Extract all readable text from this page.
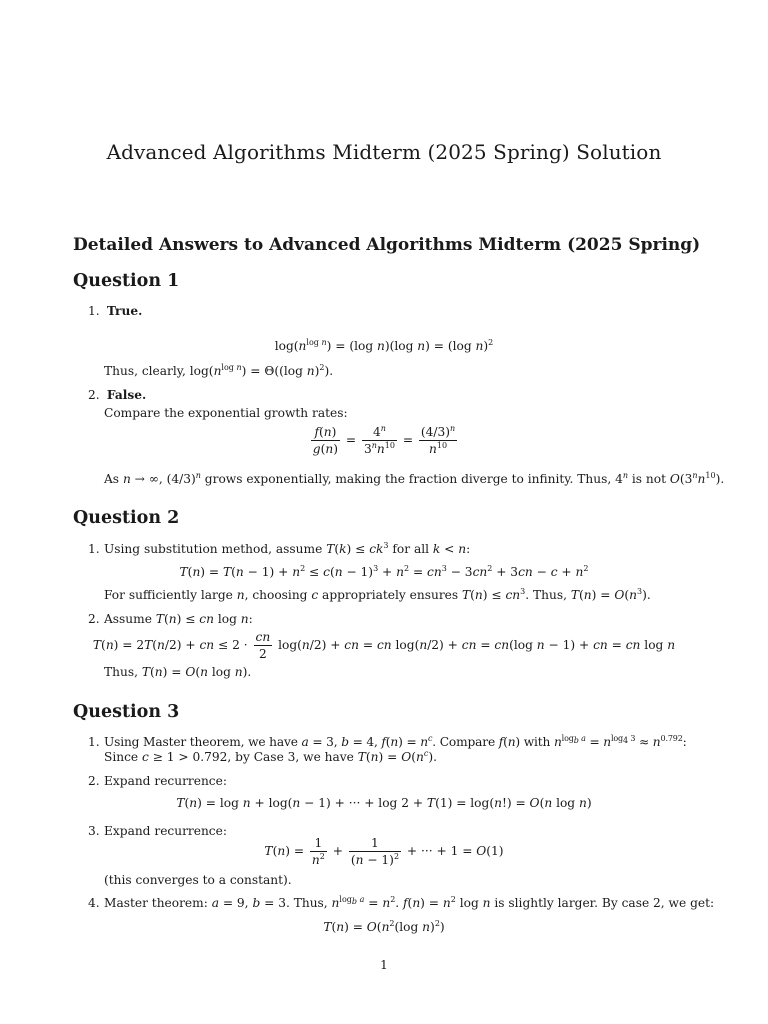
Advanced Algorithms Midterm (2025 Spring) Solution
Detailed Answers to Advanced Algorithms Midterm (2025 Spring)
Question 1
1. True.
$\log(n^{log n}) = (\log$ n)(log n) = (log n)$^2$
Thus, clearly, $\log(n^{log n}) = \Theta((\log$ n)$^2$).
2. False.
Compare the exponential growth rates:
$\frac{f(n)}{g(n)} = \frac{4^n}{3^nn^{10}} = \frac{(4/3)^n}{n^{10}}$
As n → ∞, $(4/3)^n$ grows exponentially, making the fraction diverge to infinity. Thus, 4$^n$ is not $O(3^nn^{10})$.
Question 2
1. Using substitution method, assume $T(k) \le ck^3$ for all k < n:
$T(n) = T(n - 1) + n^2 \le c(n - 1)^3 + n^2 = cn^3 - 3cn^2 + 3cn - c + n^2$
For sufficiently large n, choosing c appropriately ensures $T(n) \le cn^3$. Thus, $T(n) = O(n^3)$.
2. Assume T(n) ≤ cn log n:
T(n) = 2T(n/2) + cn ≤ $2 \cdot \frac{cn}{2} \log(n/2)$ + cn = cn log(n/2) + cn = cn(log n − 1) + cn = cn log n
Thus, T(n) = O(n log n).
Question 3
1. Using Master theorem, we have a = 3, b = 4, $f(n) = n^c$. Compare f(n) with $n^{log_b a} = n^{log_4 3} \approx n^{0.792}$:
Since c ≥ 1 > 0.792, by Case 3, we have $T(n) = O(n^c)$.
2. Expand recurrence:
T(n) = log n + log(n − 1) + ··· + log 2 + T(1) = log(n!) = O(n log n)
3. Expand recurrence:
$T(n) = \frac{1}{n^2} + \frac{1}{(n - 1)^2}$ + ··· + 1 = O(1)
(this converges to a constant).
4. Master theorem: a = 9, b = 3. Thus, $n^{log_b a} = n^2$. $f(n) = n^2$ log n is slightly larger. By case 2, we get:
$T(n) = O(n^2(\log$ n)$^2$)
1
